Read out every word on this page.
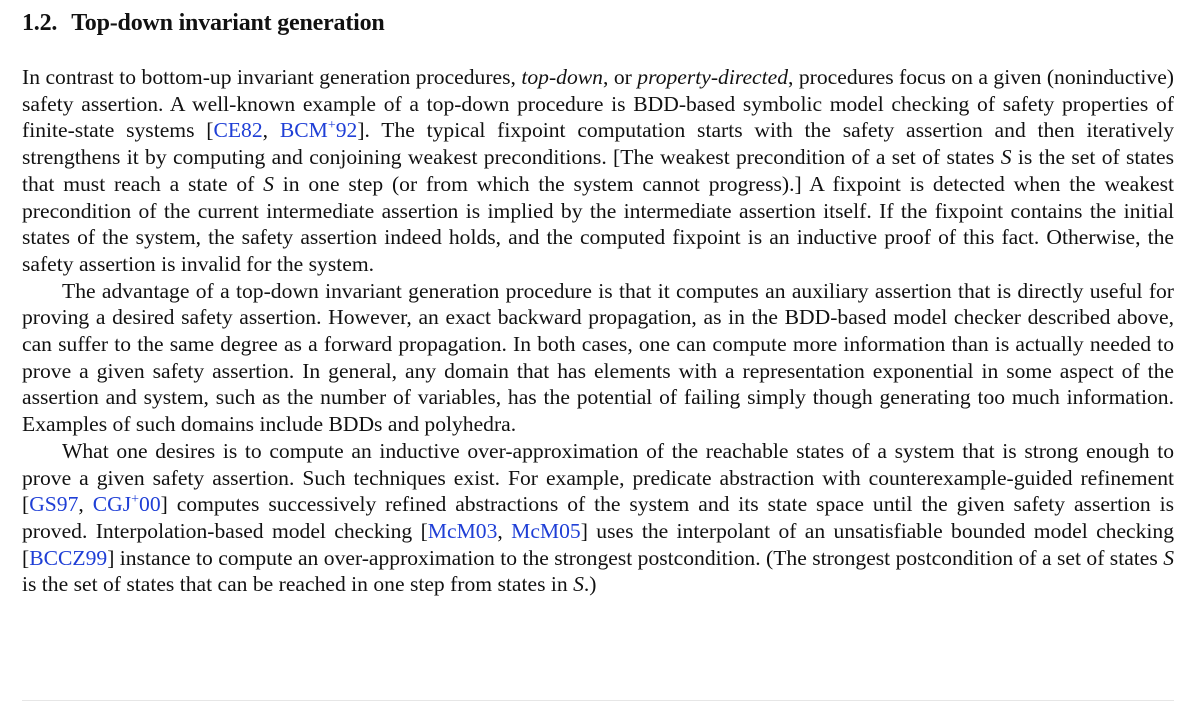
1.2. Top-down invariant generation

In contrast to bottom-up invariant generation procedures, top-down, or property-directed, procedures focus on a given (noninductive) safety assertion. A well-known example of a top-down procedure is BDD-based symbolic model checking of safety properties of finite-state systems [CE82, BCM+92]. The typical fixpoint computation starts with the safety assertion and then iteratively strengthens it by computing and conjoining weakest preconditions. [The weakest precondition of a set of states S is the set of states that must reach a state of S in one step (or from which the system cannot progress).] A fixpoint is detected when the weakest precondition of the current intermediate assertion is implied by the intermediate assertion itself. If the fixpoint contains the initial states of the system, the safety assertion indeed holds, and the computed fixpoint is an inductive proof of this fact. Otherwise, the safety assertion is invalid for the system.

The advantage of a top-down invariant generation procedure is that it computes an auxiliary assertion that is directly useful for proving a desired safety assertion. However, an exact backward propagation, as in the BDD-based model checker described above, can suffer to the same degree as a forward propagation. In both cases, one can compute more information than is actually needed to prove a given safety assertion. In general, any domain that has elements with a representation exponential in some aspect of the assertion and system, such as the number of variables, has the potential of failing simply though generating too much information. Examples of such domains include BDDs and polyhedra.

What one desires is to compute an inductive over-approximation of the reachable states of a system that is strong enough to prove a given safety assertion. Such techniques exist. For example, predicate abstraction with counterexample-guided refinement [GS97, CGJ+00] computes successively refined abstractions of the system and its state space until the given safety assertion is proved. Interpolation-based model checking [McM03, McM05] uses the interpolant of an unsatisfiable bounded model checking [BCCZ99] instance to compute an over-approximation to the strongest postcondition. (The strongest postcondition of a set of states S is the set of states that can be reached in one step from states in S.)
